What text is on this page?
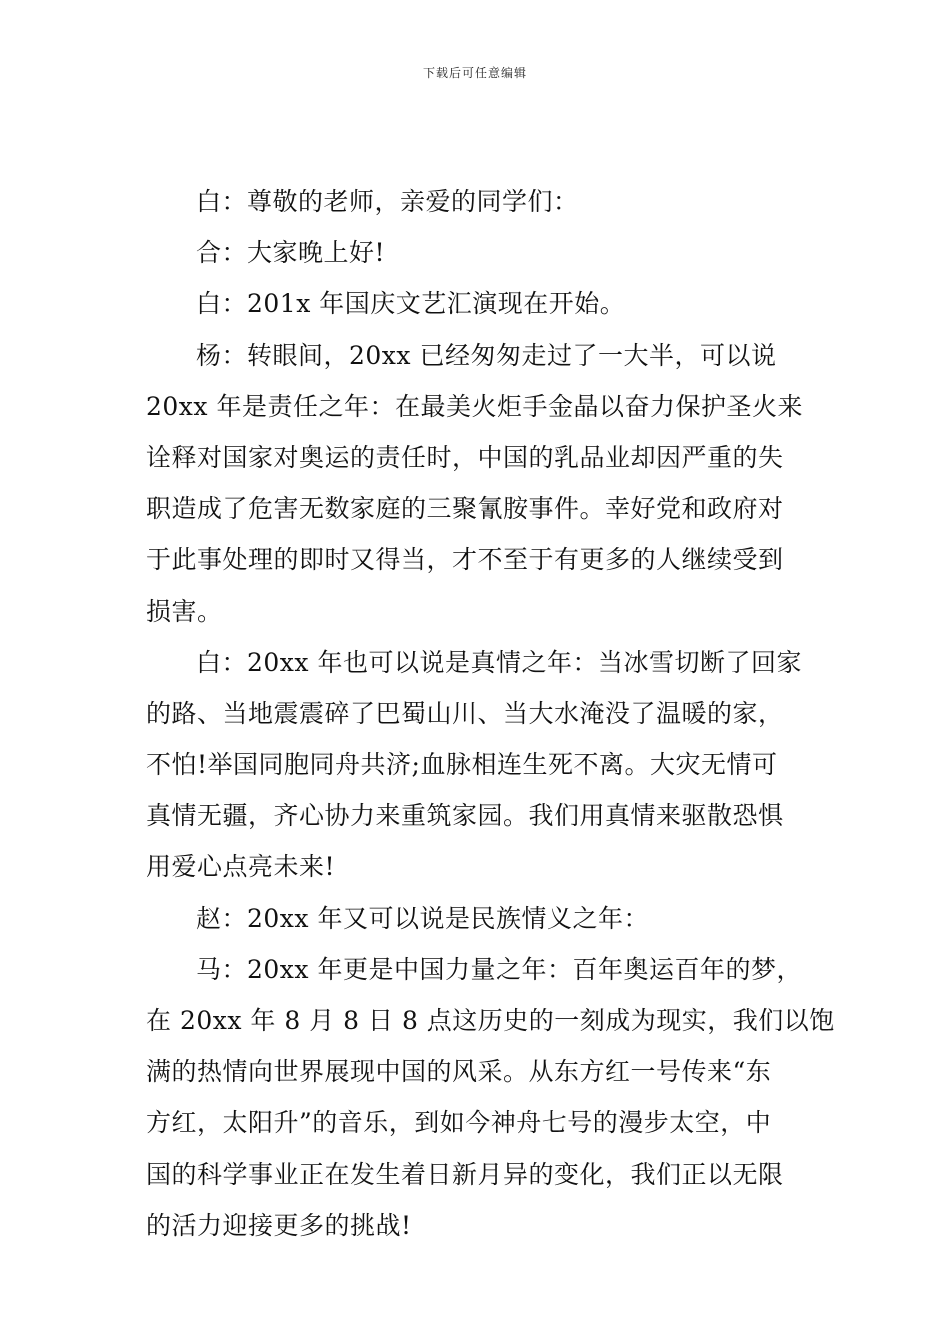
下载后可任意编辑
白：尊敬的老师，亲爱的同学们：
合：大家晚上好!
白：201x 年国庆文艺汇演现在开始。
杨：转眼间，20xx 已经匆匆走过了一大半，可以说
20xx 年是责任之年：在最美火炬手金晶以奋力保护圣火来
诠释对国家对奥运的责任时，中国的乳品业却因严重的失
职造成了危害无数家庭的三聚氰胺事件。幸好党和政府对
于此事处理的即时又得当，才不至于有更多的人继续受到
损害。
白：20xx 年也可以说是真情之年：当冰雪切断了回家
的路、当地震震碎了巴蜀山川、当大水淹没了温暖的家，
不怕!举国同胞同舟共济;血脉相连生死不离。大灾无情可
真情无疆，齐心协力来重筑家园。我们用真情来驱散恐惧
用爱心点亮未来!
赵：20xx 年又可以说是民族情义之年：
马：20xx 年更是中国力量之年：百年奥运百年的梦，
在 20xx 年 8 月 8 日 8 点这历史的一刻成为现实，我们以饱
满的热情向世界展现中国的风采。从东方红一号传来“东
方红，太阳升”的音乐，到如今神舟七号的漫步太空，中
国的科学事业正在发生着日新月异的变化，我们正以无限
的活力迎接更多的挑战!
